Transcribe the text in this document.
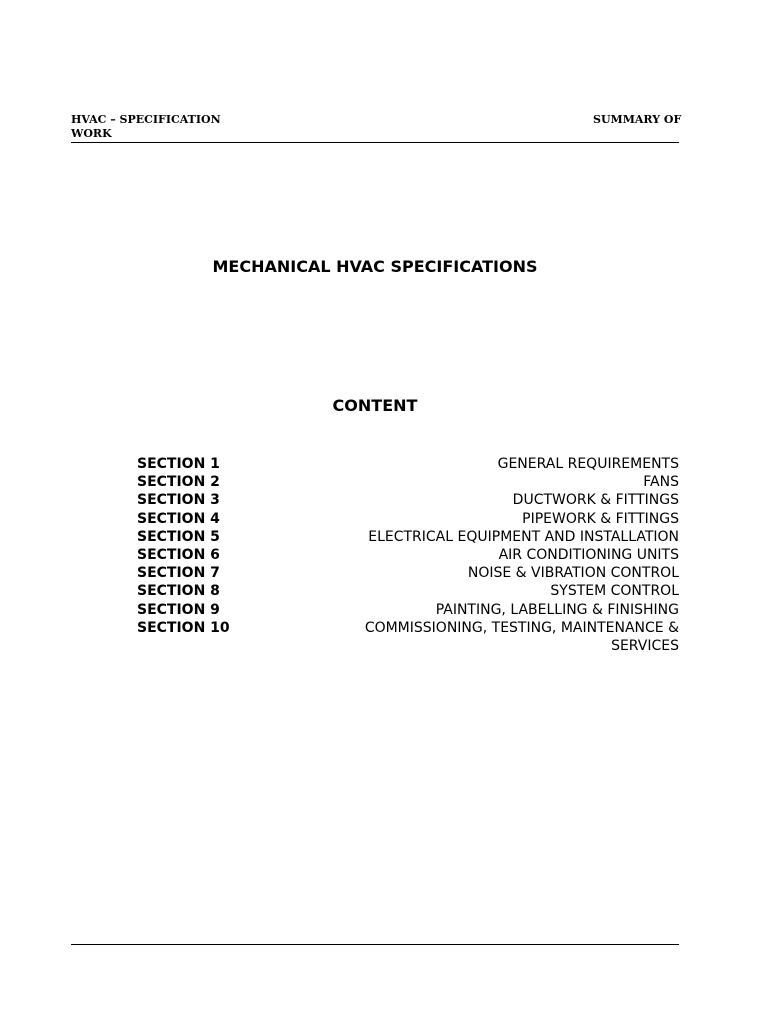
HVAC – SPECIFICATION WORK
SUMMARY OF
MECHANICAL HVAC SPECIFICATIONS
CONTENT
SECTION 1	GENERAL REQUIREMENTS
SECTION 2	FANS
SECTION 3	DUCTWORK & FITTINGS
SECTION 4	PIPEWORK & FITTINGS
SECTION 5	ELECTRICAL EQUIPMENT AND INSTALLATION
SECTION 6	AIR CONDITIONING UNITS
SECTION 7	NOISE & VIBRATION CONTROL
SECTION 8	SYSTEM CONTROL
SECTION 9	PAINTING, LABELLING & FINISHING
SECTION 10	COMMISSIONING, TESTING, MAINTENANCE & SERVICES
